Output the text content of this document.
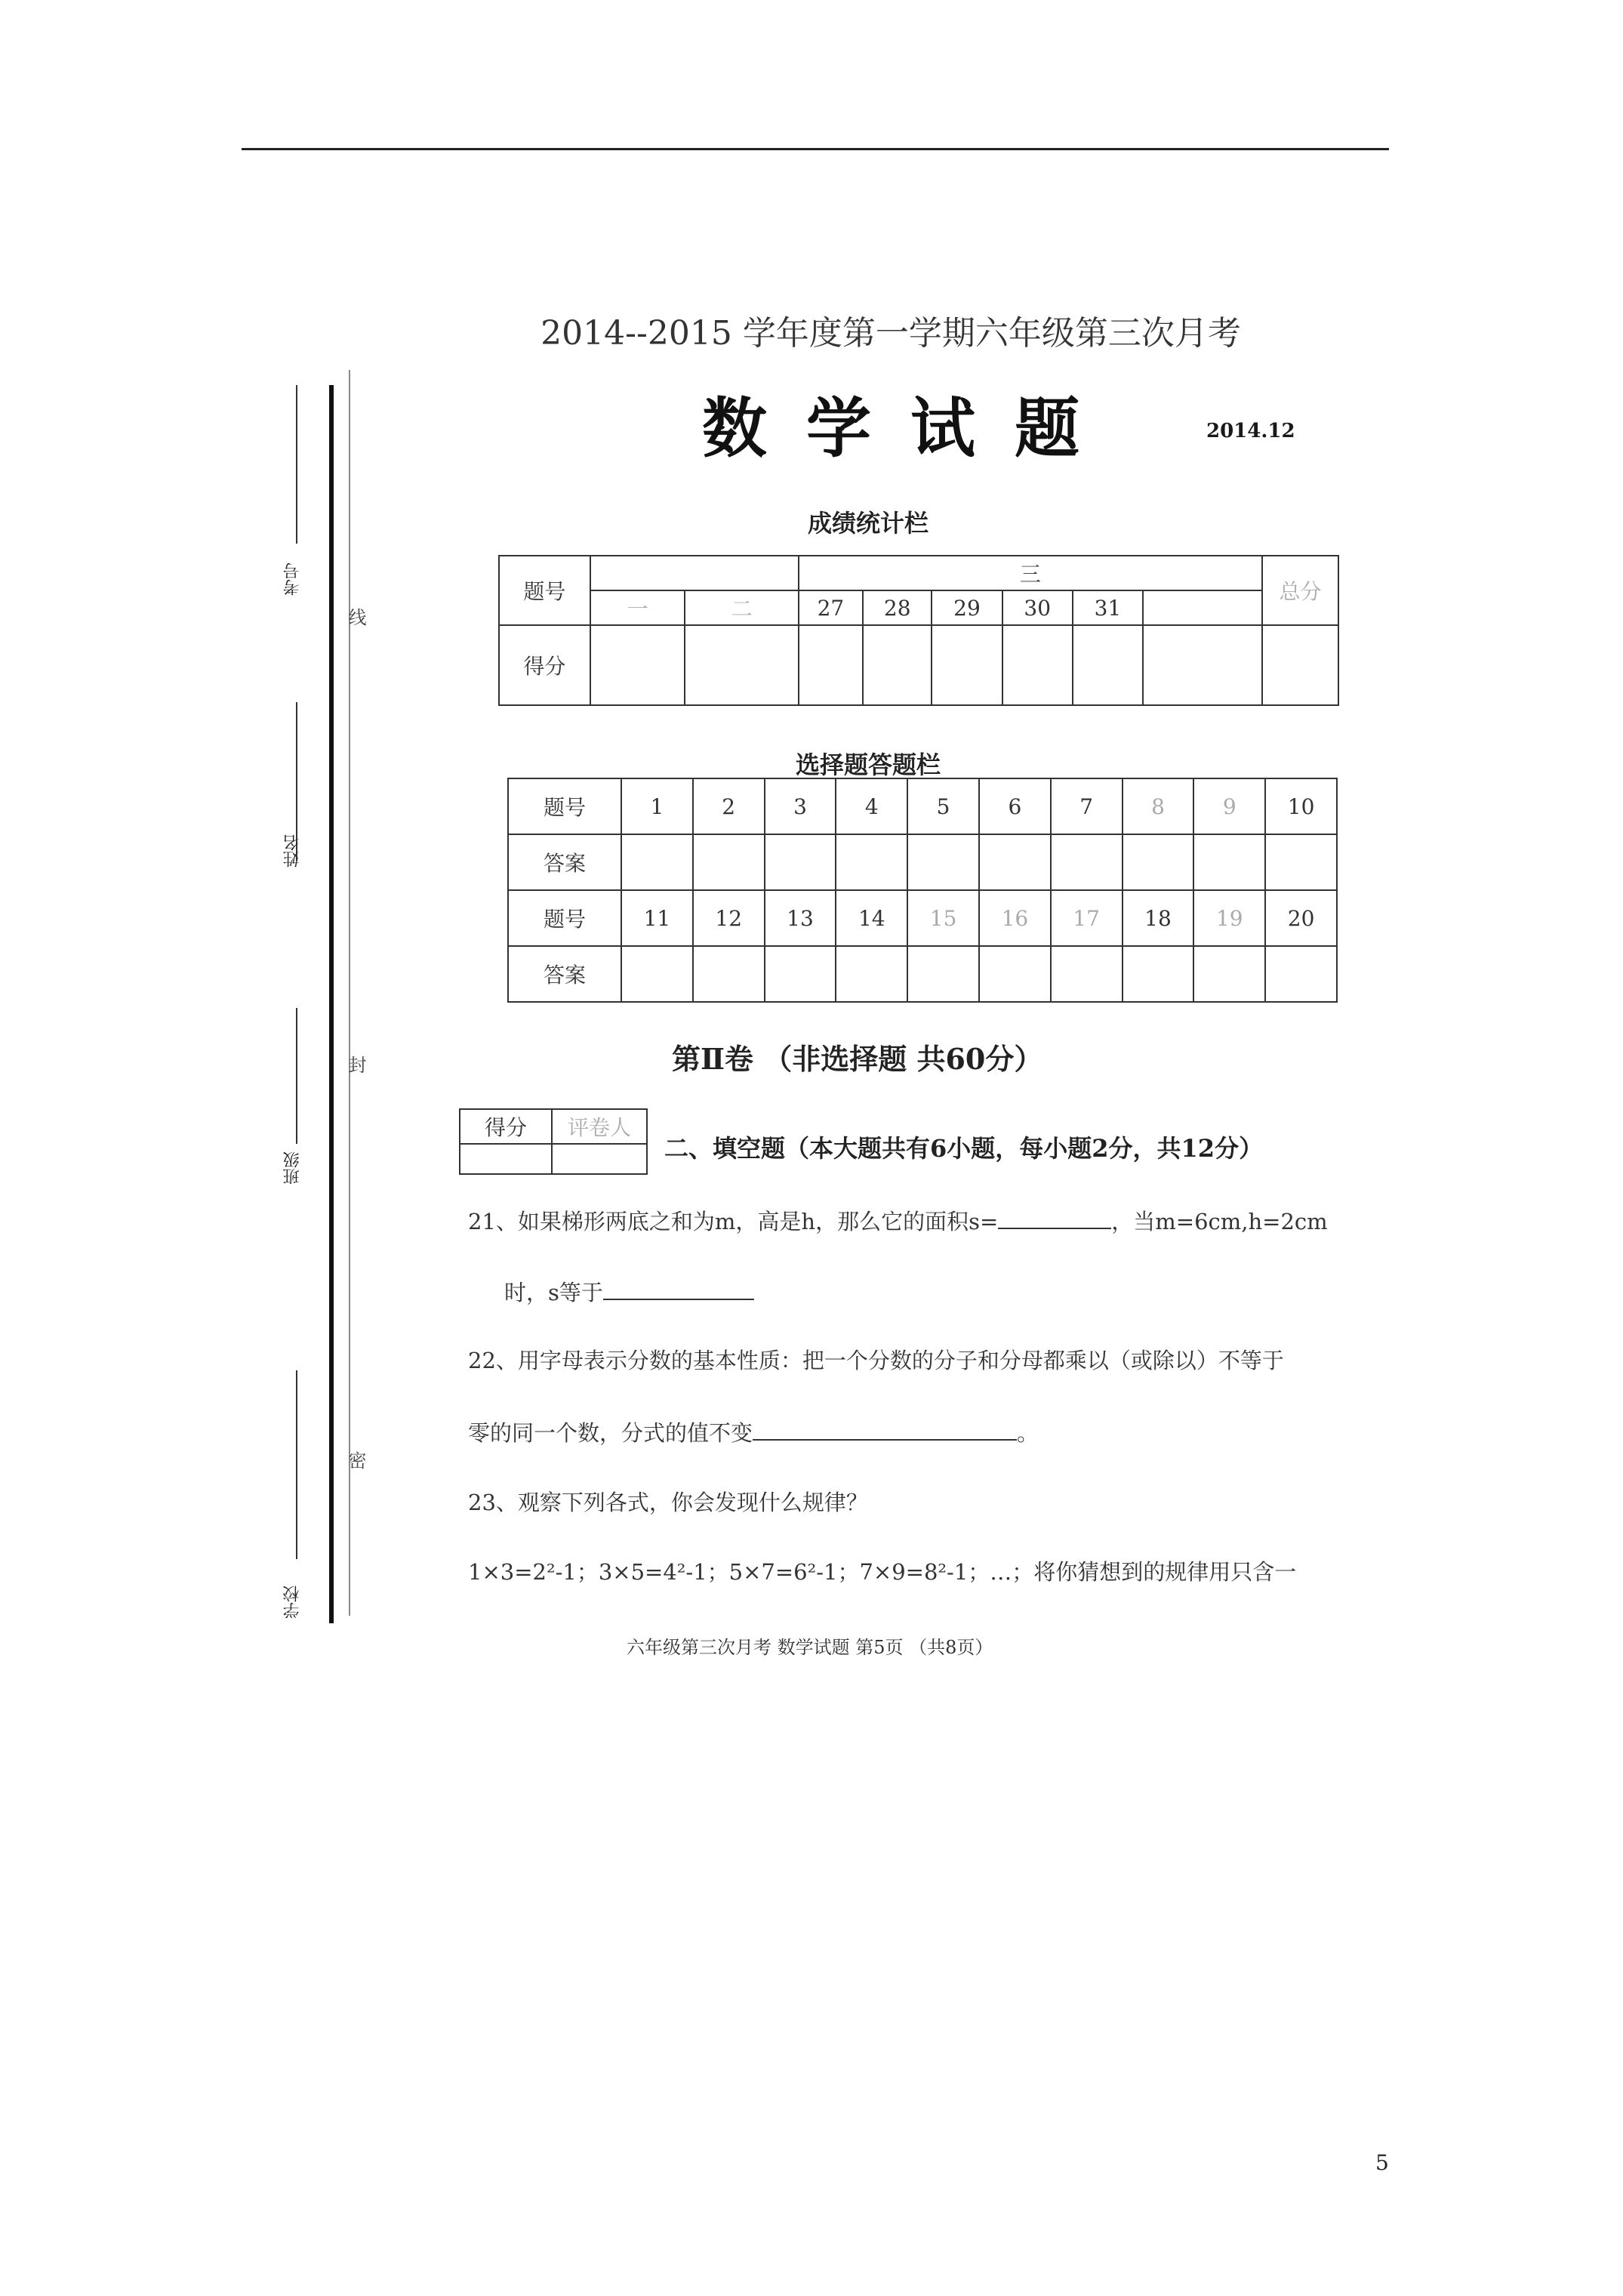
2014--2015 学年度第一学期六年级第三次月考
数学试题	2014.12
考号
姓名
班级
学校
线
封
密
成绩统计栏
题号			三						总分
	一	二	27	28	29	30	31		
得分									
选择题答题栏
题号	1	2	3	4	5	6	7	8	9	10
答案										
题号	11	12	13	14	15	16	17	18	19	20
答案										
第Ⅱ卷 （非选择题 共60分）
得分	评卷人

二、填空题（本大题共有6小题，每小题2分，共12分）
21、如果梯形两底之和为m，高是h，那么它的面积s=	，当m=6cm,h=2cm
时，s等于
22、用字母表示分数的基本性质：把一个分数的分子和分母都乘以（或除以）不等于
零的同一个数，分式的值不变	。
23、观察下列各式，你会发现什么规律？
1×3=2²-1；3×5=4²-1；5×7=6²-1；7×9=8²-1；…；将你猜想到的规律用只含一
六年级第三次月考 数学试题 第5页 （共8页）
5
